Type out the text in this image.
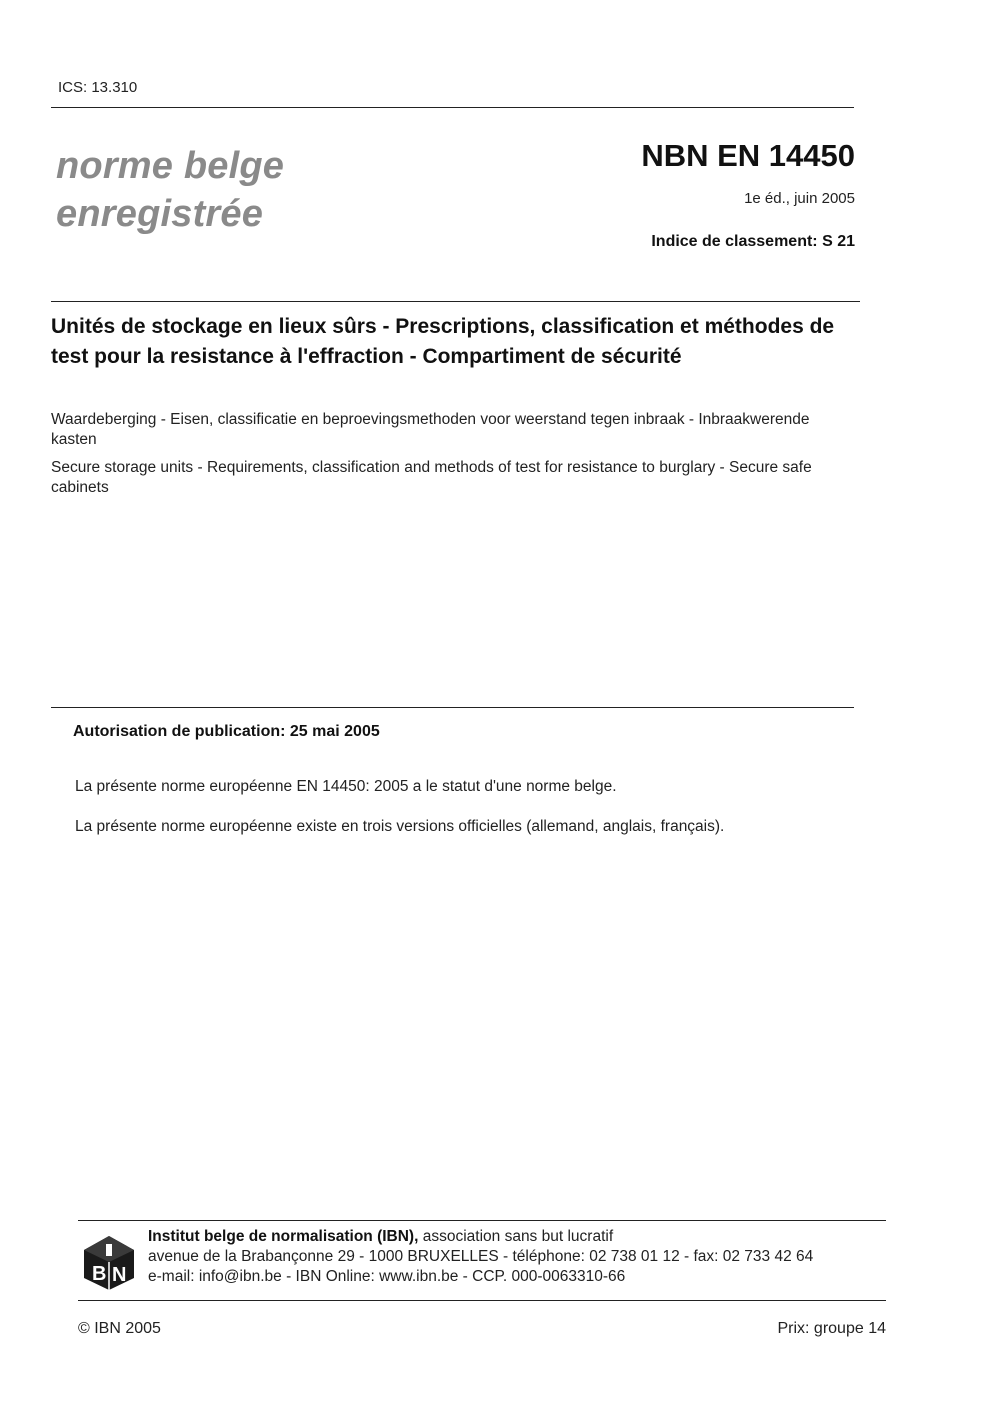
ICS: 13.310
norme belge
enregistrée
NBN EN 14450
1e éd., juin 2005
Indice de classement: S 21
Unités de stockage en lieux sûrs - Prescriptions, classification et méthodes de test pour la resistance à l'effraction - Compartiment de sécurité
Waardeberging - Eisen, classificatie en beproevingsmethoden voor weerstand tegen inbraak - Inbraakwerende kasten
Secure storage units - Requirements, classification and methods of test for resistance to burglary - Secure safe cabinets
Autorisation de publication: 25 mai 2005
La présente norme européenne EN 14450: 2005 a le statut d'une norme belge.
La présente norme européenne existe en trois versions officielles (allemand, anglais, français).
B N
Institut belge de normalisation (IBN), association sans but lucratif
avenue de la Brabançonne 29 - 1000 BRUXELLES - téléphone: 02 738 01 12 - fax: 02 733 42 64
e-mail: info@ibn.be - IBN Online: www.ibn.be - CCP. 000-0063310-66
© IBN 2005	Prix: groupe 14
